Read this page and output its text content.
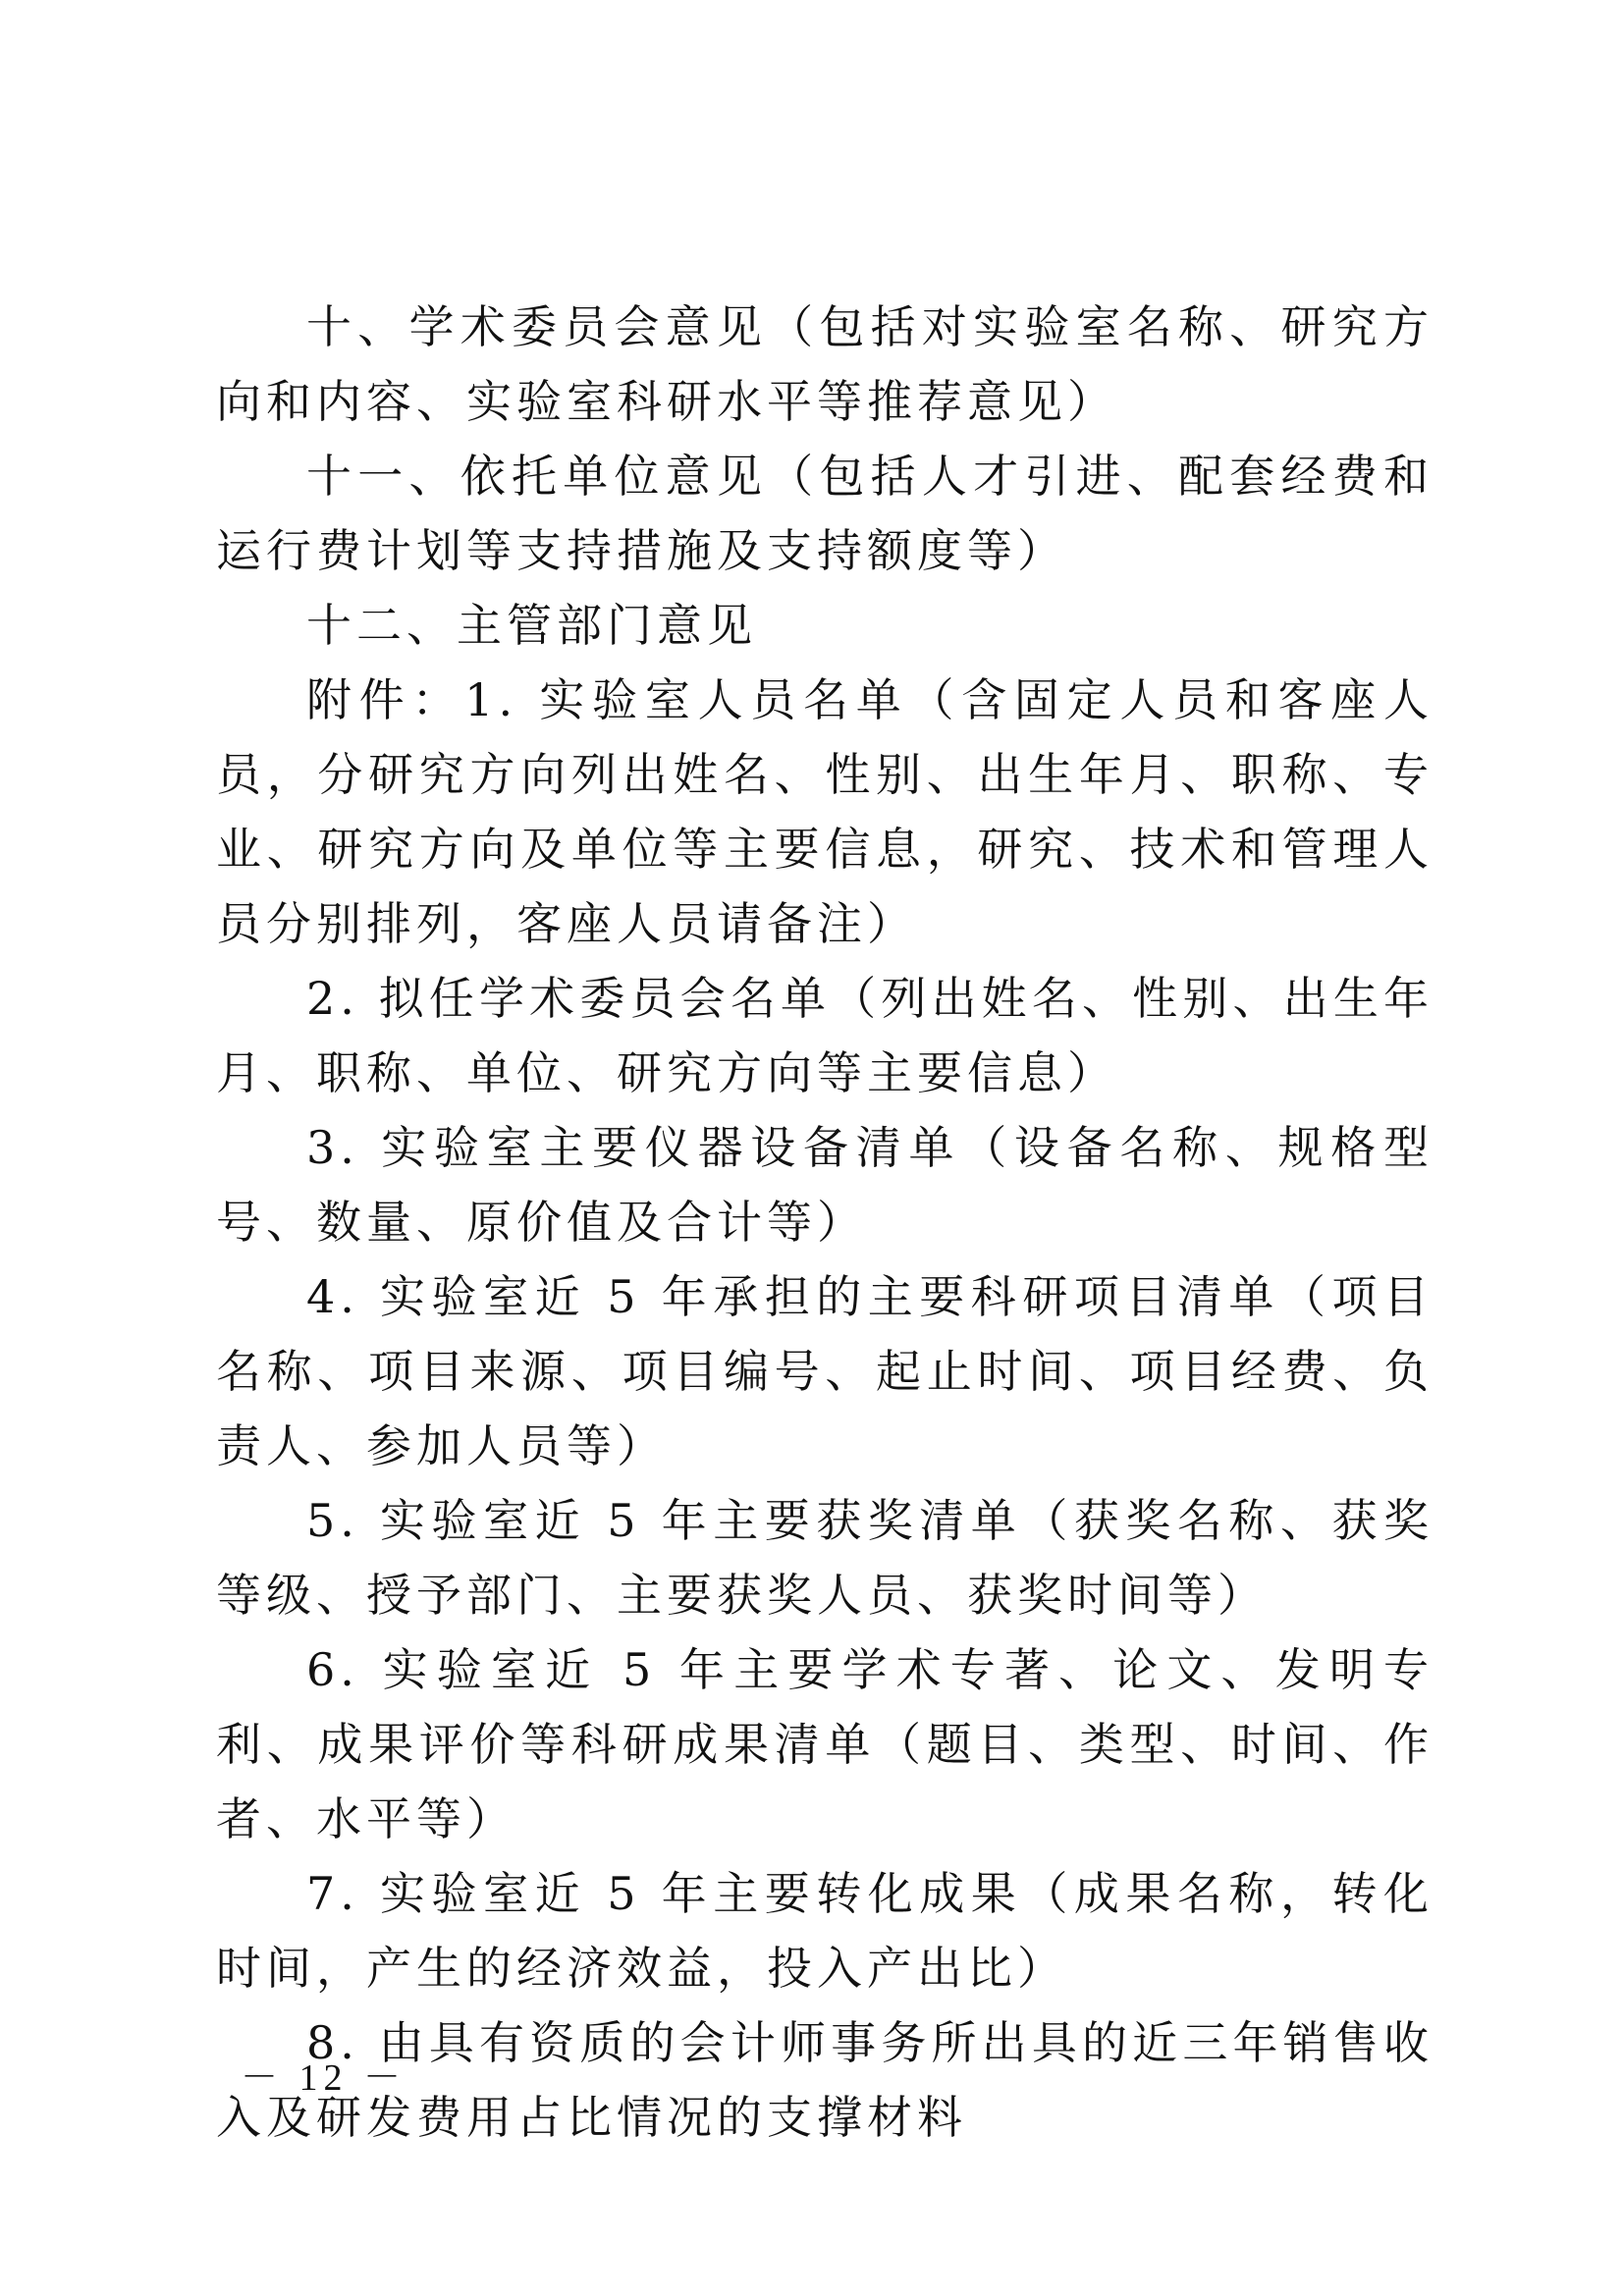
十、学术委员会意见（包括对实验室名称、研究方向和内容、实验室科研水平等推荐意见）

十一、依托单位意见（包括人才引进、配套经费和运行费计划等支持措施及支持额度等）

十二、主管部门意见

附件：1. 实验室人员名单（含固定人员和客座人员，分研究方向列出姓名、性别、出生年月、职称、专业、研究方向及单位等主要信息，研究、技术和管理人员分别排列，客座人员请备注）

2. 拟任学术委员会名单（列出姓名、性别、出生年月、职称、单位、研究方向等主要信息）

3. 实验室主要仪器设备清单（设备名称、规格型号、数量、原价值及合计等）

4. 实验室近 5 年承担的主要科研项目清单（项目名称、项目来源、项目编号、起止时间、项目经费、负责人、参加人员等）

5. 实验室近 5 年主要获奖清单（获奖名称、获奖等级、授予部门、主要获奖人员、获奖时间等）

6. 实验室近 5 年主要学术专著、论文、发明专利、成果评价等科研成果清单（题目、类型、时间、作者、水平等）

7. 实验室近 5 年主要转化成果（成果名称，转化时间，产生的经济效益，投入产出比）

8. 由具有资质的会计师事务所出具的近三年销售收入及研发费用占比情况的支撑材料

－ 12 －
